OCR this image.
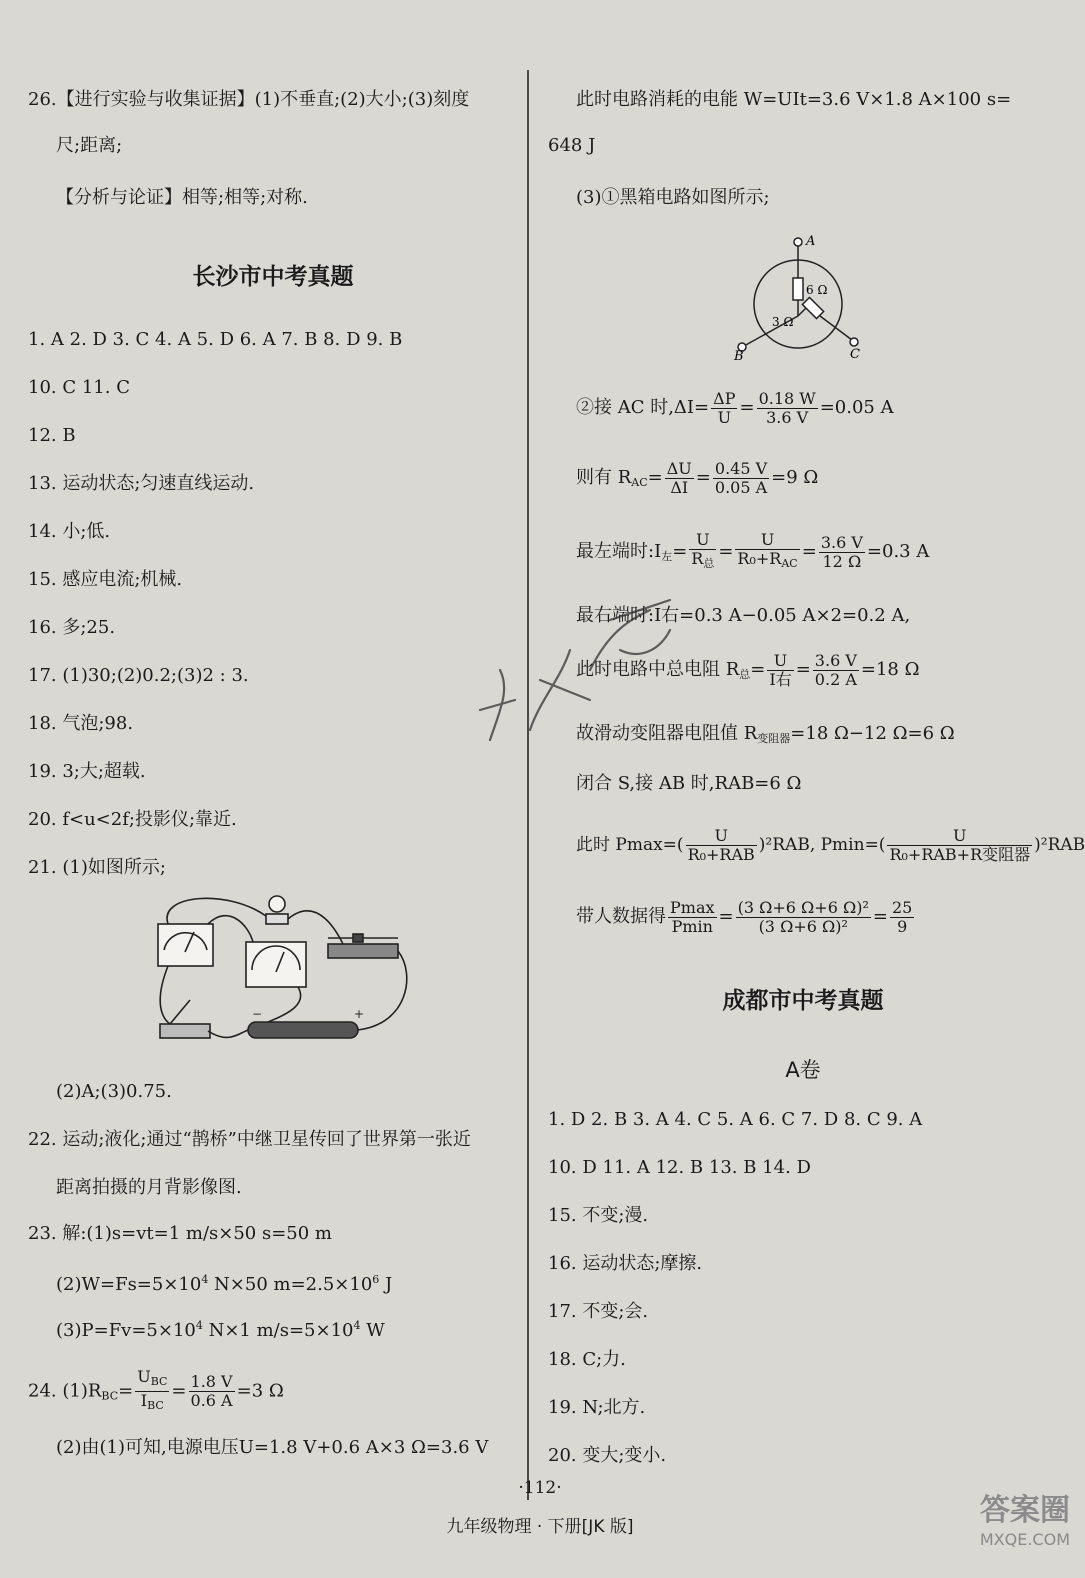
26.【进行实验与收集证据】(1)不垂直;(2)大小;(3)刻度
尺;距离;
【分析与论证】相等;相等;对称.
长沙市中考真题
1. A 2. D 3. C 4. A 5. D 6. A 7. B 8. D 9. B
10. C 11. C
12. B
13. 运动状态;匀速直线运动.
14. 小;低.
15. 感应电流;机械.
16. 多;25.
17. (1)30;(2)0.2;(3)2 : 3.
18. 气泡;98.
19. 3;大;超载.
20. f<u<2f;投影仪;靠近.
21. (1)如图所示;
−	+
(2)A;(3)0.75.
22. 运动;液化;通过“鹊桥”中继卫星传回了世界第一张近
距离拍摄的月背影像图.
23. 解:(1)s=vt=1 m/s×50 s=50 m
$(2)W=Fs=5\times 10^4$ N×50 $m=2.5\times 10^6$ J
$(3)P=Fv=5\times 10^4$ N×1 $m/s=5\times 10^4$ W
24. $(1)R_{BC}= \frac{U_{BC}}{I_{BC}} = \frac{1.8 V}{0.6 A} =3$ Ω
(2)由(1)可知,电源电压U=1.8 V+0.6 A×3 Ω=3.6 V
此时电路消耗的电能 W=UIt=3.6 V×1.8 A×100 s=
648 J
(3)①黑箱电路如图所示;
A
B	C
6 Ω
3 Ω
②接 AC 时$,\Delta I= \frac{\Delta P}{U} = \frac{0.18 W}{3.6 V} =0.05$ A
则有 $R_{AC}= \frac{\Delta U}{\Delta I} = \frac{0.45 V}{0.05 A} =9$ Ω
最左端时$:I_左= \frac{U}{R_总} = \frac{U}{R_0+R_{AC}} = \frac{3.6 V}{12 \Omega} =0.3$ A
最右端时:I右=0.3 A−0.05 A×2=0.2 A,
此时电路中总电阻 $R_总= \frac{U}{\text{I右}} = \frac{3.6 V}{0.2 A} =18$ Ω
故滑动变阻器电阻值 $R_{变阻器}=18$ Ω−12 Ω=6 Ω
闭合 S,接 AB 时,RAB=6 Ω
此时 $Pmax=( \frac{U}{\text{R₀+RAB}} )^2RAB$, $Pmin=( \frac{U}{\text{R₀+RAB+R变阻器}} )^2RAB$
带人数据得 $\frac{Pmax}{Pmin} = \frac{\text{(3 Ω+6 Ω+6 Ω)²}}{\text{(3 Ω+6 Ω)²}} = \frac{25}{9}$
成都市中考真题
A卷
1. D 2. B 3. A 4. C 5. A 6. C 7. D 8. C 9. A
10. D 11. A 12. B 13. B 14. D
15. 不变;漫.
16. 运动状态;摩擦.
17. 不变;会.
18. C;力.
19. N;北方.
20. 变大;变小.
·112·
九年级物理 · 下册[JK 版]	答案圈
MXQE.COM
